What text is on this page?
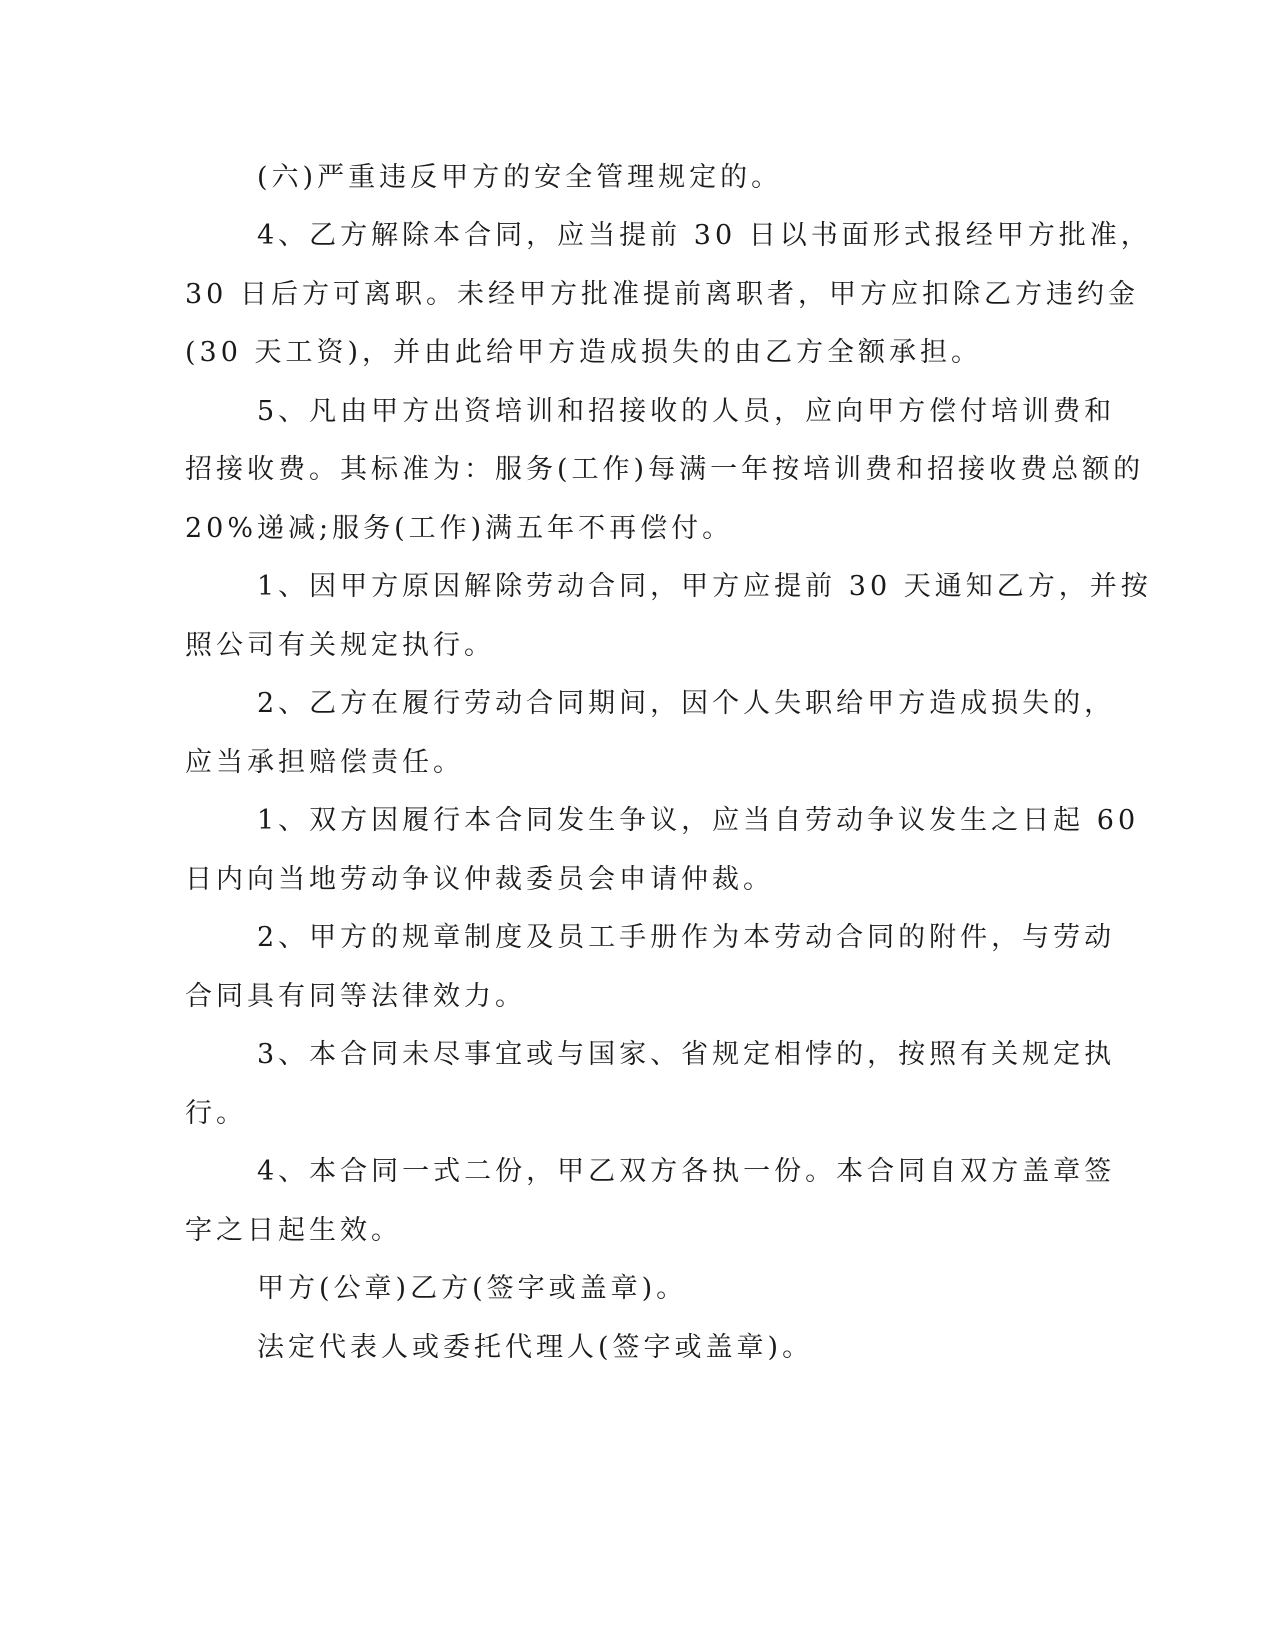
(六)严重违反甲方的安全管理规定的。
4、乙方解除本合同，应当提前 30 日以书面形式报经甲方批准，
30 日后方可离职。未经甲方批准提前离职者，甲方应扣除乙方违约金
(30 天工资)，并由此给甲方造成损失的由乙方全额承担。
5、凡由甲方出资培训和招接收的人员，应向甲方偿付培训费和
招接收费。其标准为：服务(工作)每满一年按培训费和招接收费总额的
20%递减;服务(工作)满五年不再偿付。
1、因甲方原因解除劳动合同，甲方应提前 30 天通知乙方，并按
照公司有关规定执行。
2、乙方在履行劳动合同期间，因个人失职给甲方造成损失的，
应当承担赔偿责任。
1、双方因履行本合同发生争议，应当自劳动争议发生之日起 60
日内向当地劳动争议仲裁委员会申请仲裁。
2、甲方的规章制度及员工手册作为本劳动合同的附件，与劳动
合同具有同等法律效力。
3、本合同未尽事宜或与国家、省规定相悖的，按照有关规定执
行。
4、本合同一式二份，甲乙双方各执一份。本合同自双方盖章签
字之日起生效。
甲方(公章)乙方(签字或盖章)。
法定代表人或委托代理人(签字或盖章)。
